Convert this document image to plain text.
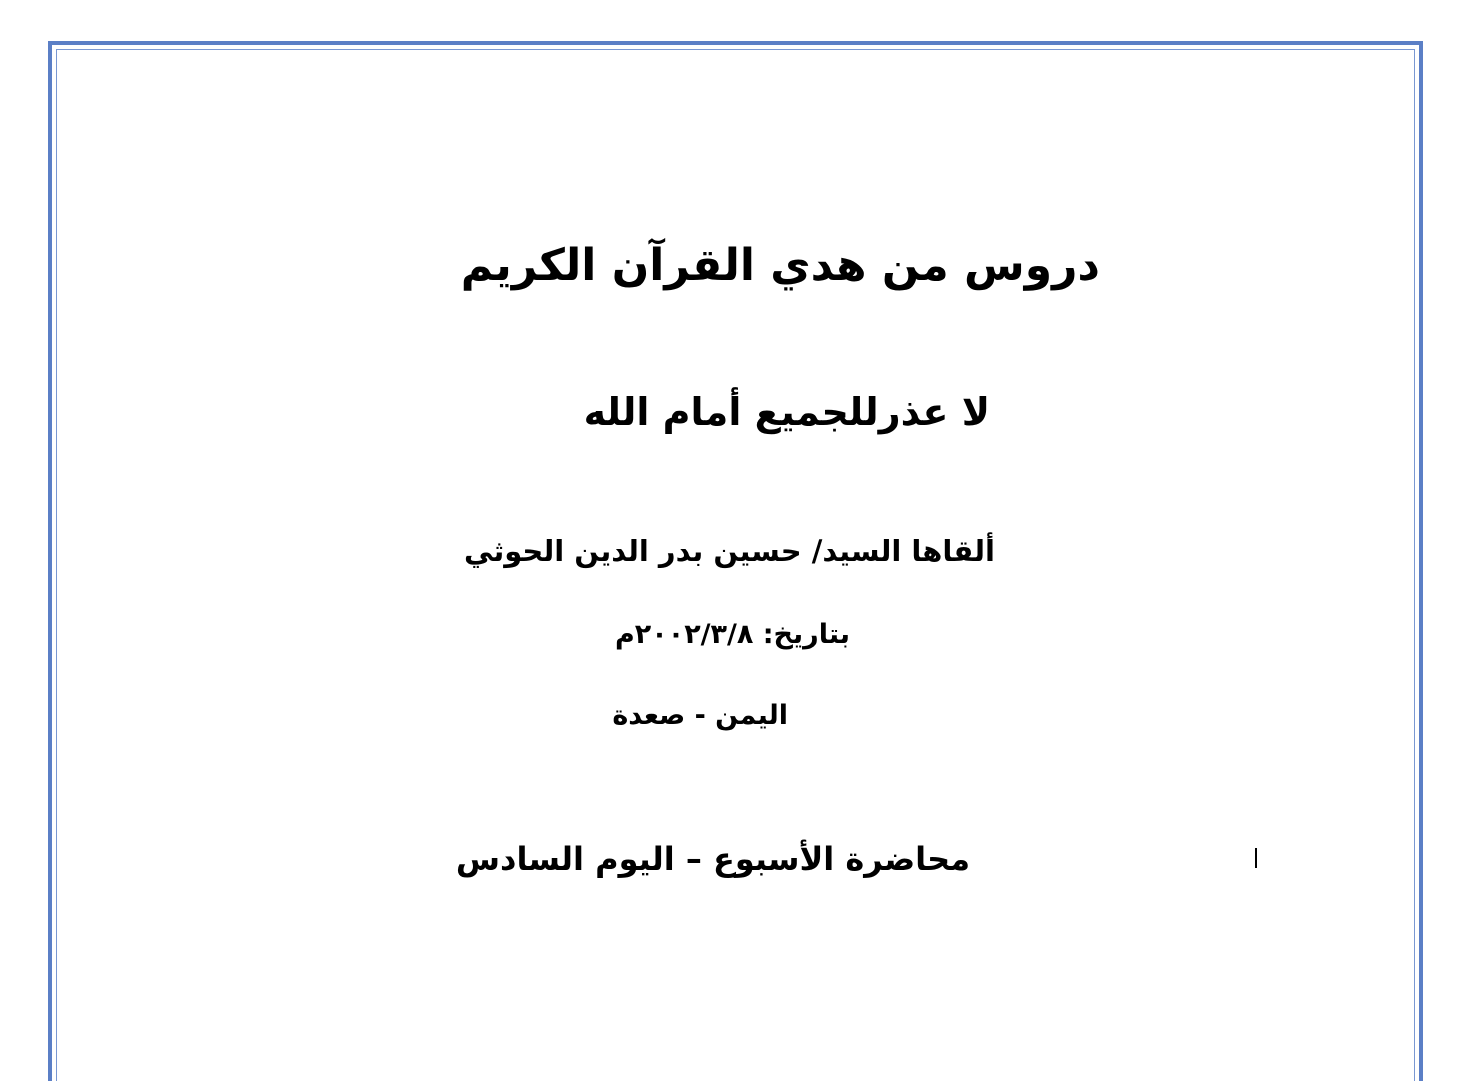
دروس من هدي القرآن الكريم
لا عذرللجميع أمام الله
ألقاها السيد/ حسين بدر الدين الحوثي
بتاريخ: ٢٠٠٢/٣/٨م
اليمن - صعدة
محاضرة الأسبوع – اليوم السادس
